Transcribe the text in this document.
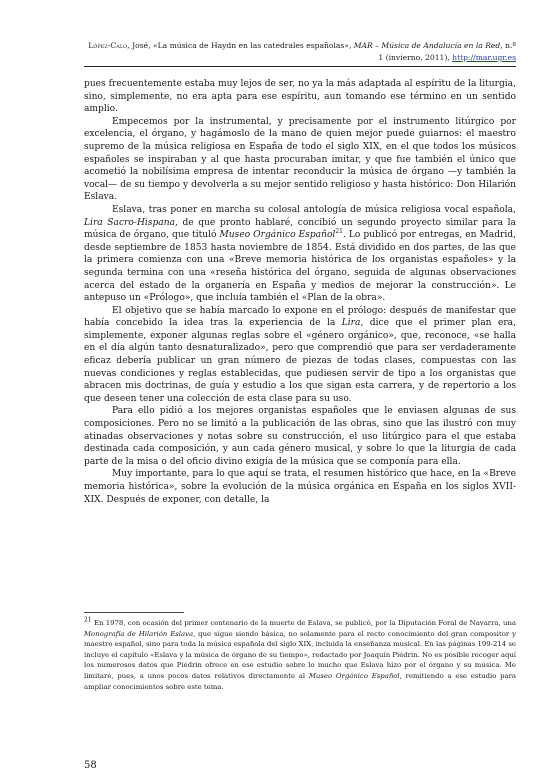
López-Calo, José, «La música de Haydn en las catedrales españolas», MAR – Música de Andalucía en la Red, n.º 1 (invierno, 2011), http://mar.ugr.es

pues frecuentemente estaba muy lejos de ser, no ya la más adaptada al espíritu de la liturgia, sino, simplemente, no era apta para ese espíritu, aun tomando ese término en un sentido amplio.

Empecemos por la instrumental, y precisamente por el instrumento litúrgico por excelencia, el órgano, y hagámoslo de la mano de quien mejor puede guiarnos: el maestro supremo de la música religiosa en España de todo el siglo XIX, en el que todos los músicos españoles se inspiraban y al que hasta procuraban imitar, y que fue también el único que acometió la nobilísima empresa de intentar reconducir la música de órgano —y también la vocal— de su tiempo y devolverla a su mejor sentido religioso y hasta histórico: Don Hilarión Eslava.

Eslava, tras poner en marcha su colosal antología de música religiosa vocal española, Lira Sacro-Hispana, de que pronto hablaré, concibió un segundo proyecto similar para la música de órgano, que tituló Museo Orgánico Español$^{21}$. Lo publicó por entregas, en Madrid, desde septiembre de 1853 hasta noviembre de 1854. Está dividido en dos partes, de las que la primera comienza con una «Breve memoria histórica de los organistas españoles» y la segunda termina con una «reseña histórica del órgano, seguida de algunas observaciones acerca del estado de la organería en España y medios de mejorar la construcción». Le antepuso un «Prólogo», que incluía también el «Plan de la obra».

El objetivo que se había marcado lo expone en el prólogo: después de manifestar que había concebido la idea tras la experiencia de la Lira, dice que el primer plan era, simplemente, exponer algunas reglas sobre el «género orgánico», que, reconoce, «se halla en el día algún tanto desnaturalizado», pero que comprendió que para ser verdaderamente eficaz debería publicar un gran número de piezas de todas clases, compuestas con las nuevas condiciones y reglas establecidas, que pudiesen servir de tipo a los organistas que abracen mis doctrinas, de guía y estudio a los que sigan esta carrera, y de repertorio a los que deseen tener una colección de esta clase para su uso.

Para ello pidió a los mejores organistas españoles que le enviasen algunas de sus composiciones. Pero no se limitó a la publicación de las obras, sino que las ilustró con muy atinadas observaciones y notas sobre su construcción, el uso litúrgico para el que estaba destinada cada composición, y aun cada género musical, y sobre lo que la liturgia de cada parte de la misa o del oficio divino exigía de la música que se componía para ella.

Muy importante, para lo que aquí se trata, el resumen histórico que hace, en la «Breve memoria histórica», sobre la evolución de la música orgánica en España en los siglos XVII- XIX. Después de exponer, con detalle, la

$^{21}$ En 1978, con ocasión del primer centenario de la muerte de Eslava, se publicó, por la Diputación Foral de Navarra, una Monografía de Hilarión Eslava, que sigue siendo básica, no solamente para el recto conocimiento del gran compositor y maestro español, sino para toda la música española del siglo XIX, incluida la enseñanza musical. En las páginas 199-214 se incluye el capítulo «Eslava y la música de órgano de su tiempo», redactado por Joaquín Piédrin. No es posible recoger aquí los numerosos datos que Piédrin ofrece en ese estudio sobre lo mucho que Eslava hizo por el órgano y su música. Me limitaré, pues, a unos pocos datos relativos directamente al Museo Orgánico Español, remitiendo a ese estudio para ampliar conocimientos sobre este tema.

58
